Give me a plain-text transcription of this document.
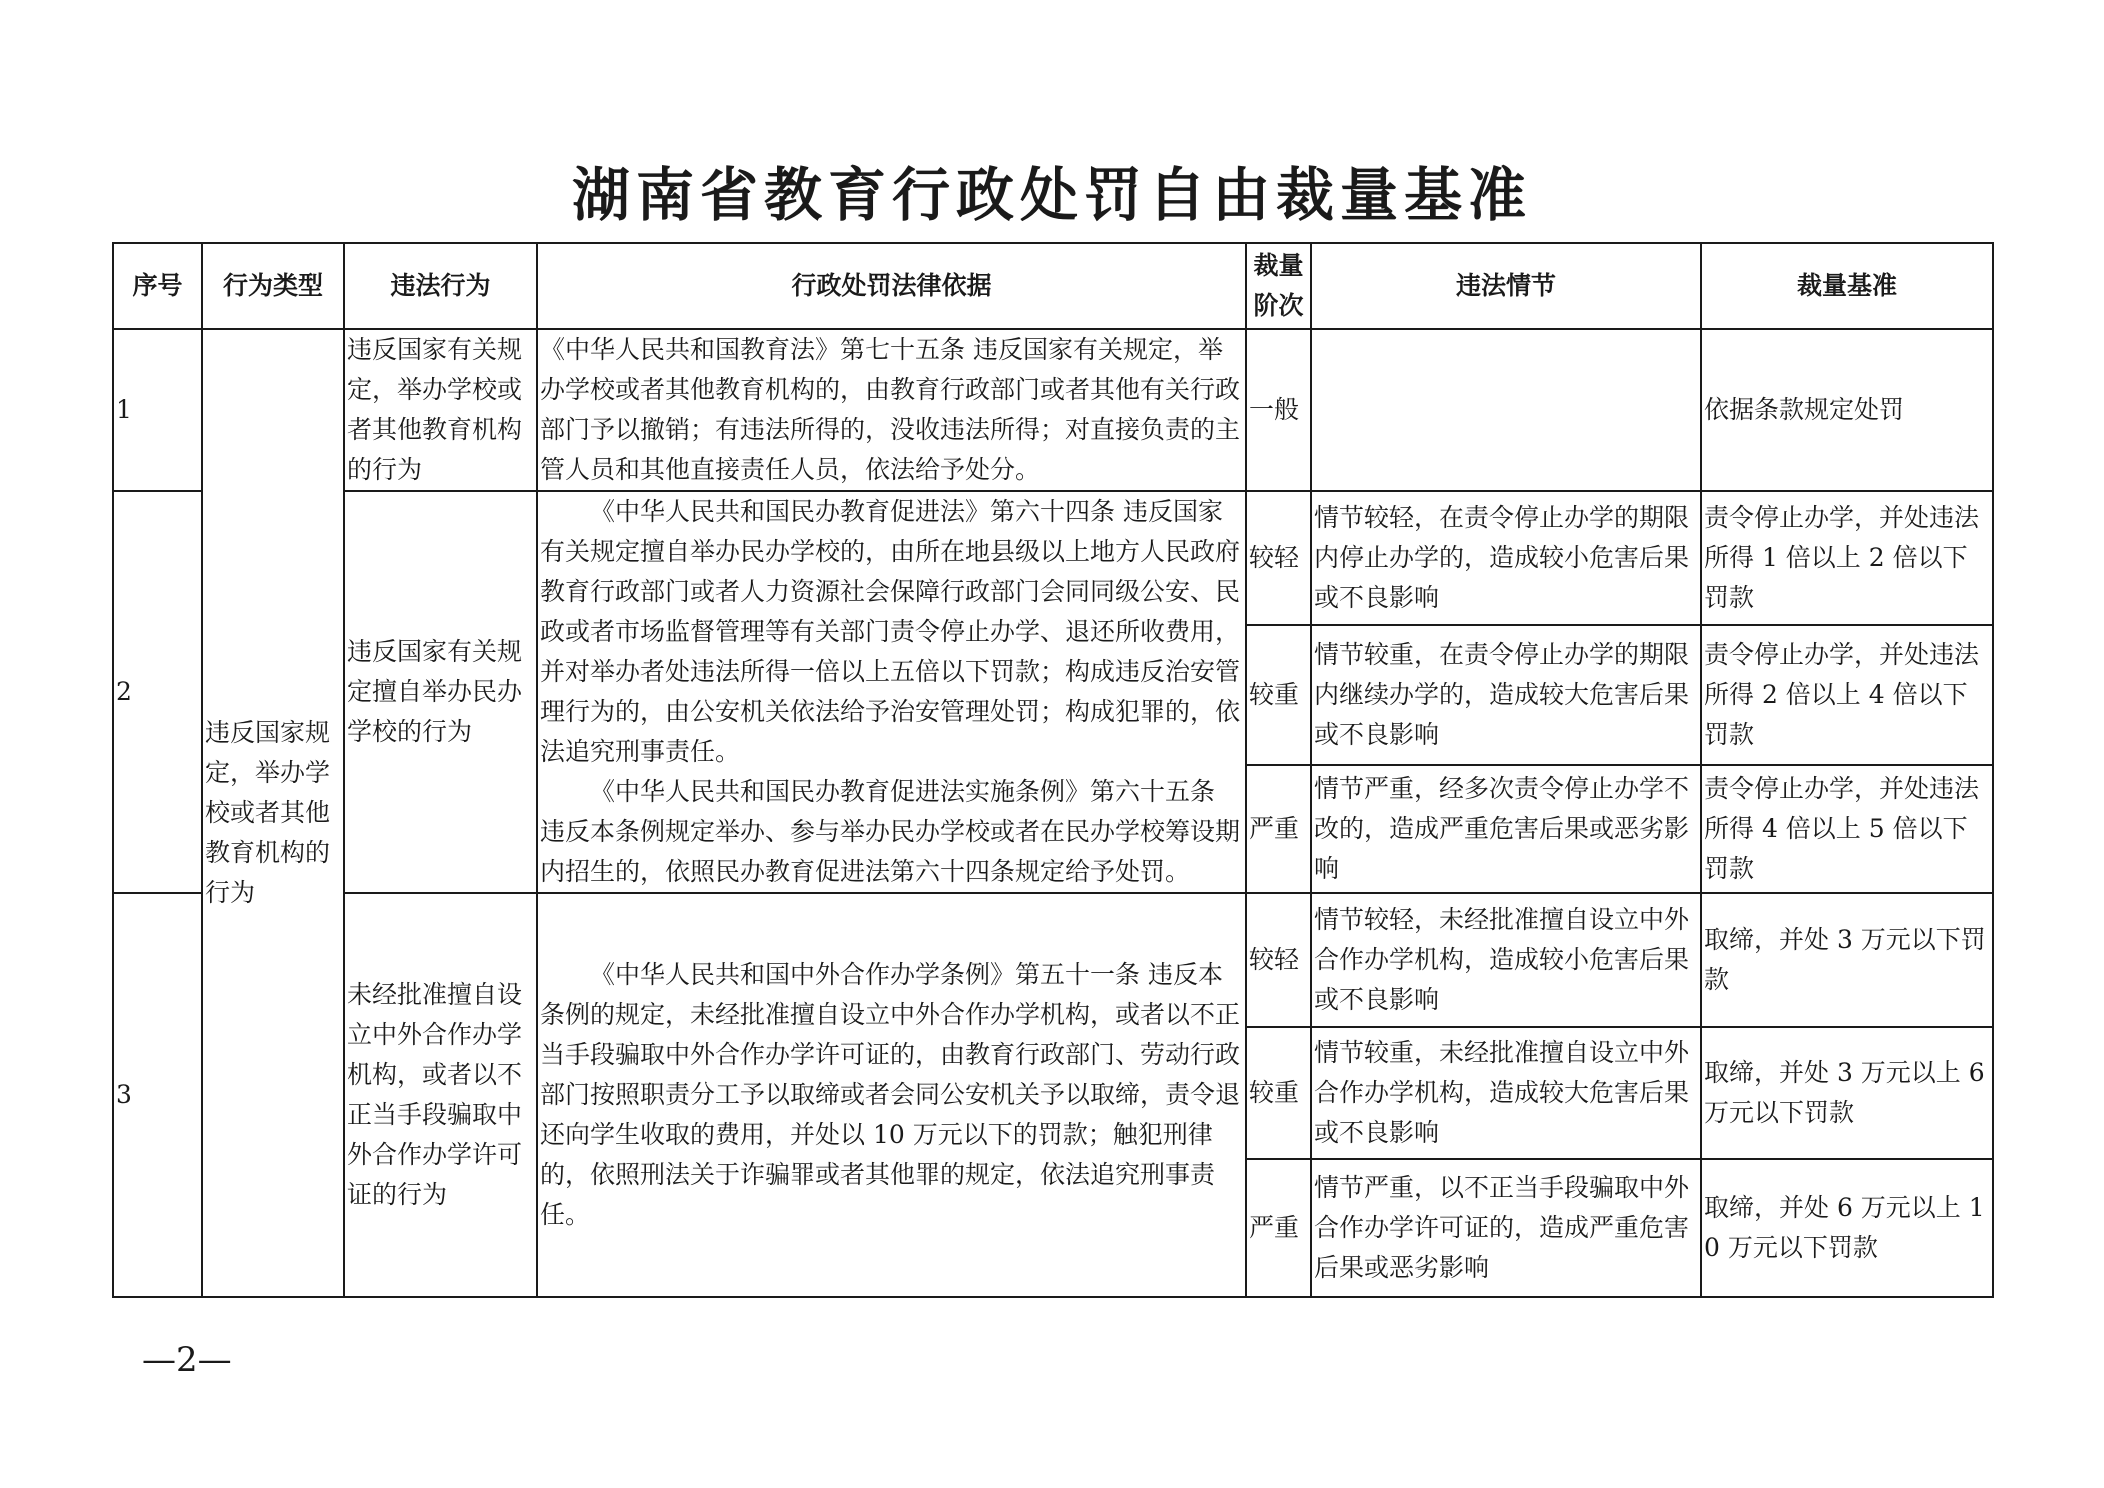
湖南省教育行政处罚自由裁量基准
序号	行为类型	违法行为	行政处罚法律依据	裁量阶次	违法情节	裁量基准
1	违反国家规定，举办学校或者其他教育机构的行为	违反国家有关规定，举办学校或者其他教育机构的行为	《中华人民共和国教育法》第七十五条 违反国家有关规定，举办学校或者其他教育机构的，由教育行政部门或者其他有关行政部门予以撤销；有违法所得的，没收违法所得；对直接负责的主管人员和其他直接责任人员，依法给予处分。	一般		依据条款规定处罚
2		违反国家有关规定擅自举办民办学校的行为	《中华人民共和国民办教育促进法》第六十四条 违反国家有关规定擅自举办民办学校的，由所在地县级以上地方人民政府教育行政部门或者人力资源社会保障行政部门会同同级公安、民政或者市场监督管理等有关部门责令停止办学、退还所收费用，并对举办者处违法所得一倍以上五倍以下罚款；构成违反治安管理行为的，由公安机关依法给予治安管理处罚；构成犯罪的，依法追究刑事责任。

《中华人民共和国民办教育促进法实施条例》第六十五条 违反本条例规定举办、参与举办民办学校或者在民办学校筹设期内招生的，依照民办教育促进法第六十四条规定给予处罚。	较轻	情节较轻，在责令停止办学的期限内停止办学的，造成较小危害后果或不良影响	责令停止办学，并处违法所得 1 倍以上 2 倍以下罚款
				较重	情节较重，在责令停止办学的期限内继续办学的，造成较大危害后果或不良影响	责令停止办学，并处违法所得 2 倍以上 4 倍以下罚款
				严重	情节严重，经多次责令停止办学不改的，造成严重危害后果或恶劣影响	责令停止办学，并处违法所得 4 倍以上 5 倍以下罚款
3		未经批准擅自设立中外合作办学机构，或者以不正当手段骗取中外合作办学许可证的行为	《中华人民共和国中外合作办学条例》第五十一条 违反本条例的规定，未经批准擅自设立中外合作办学机构，或者以不正当手段骗取中外合作办学许可证的，由教育行政部门、劳动行政部门按照职责分工予以取缔或者会同公安机关予以取缔，责令退还向学生收取的费用，并处以 10 万元以下的罚款；触犯刑律的，依照刑法关于诈骗罪或者其他罪的规定，依法追究刑事责任。	较轻	情节较轻，未经批准擅自设立中外合作办学机构，造成较小危害后果或不良影响	取缔，并处 3 万元以下罚款
				较重	情节较重，未经批准擅自设立中外合作办学机构，造成较大危害后果或不良影响	取缔，并处 3 万元以上 6 万元以下罚款
				严重	情节严重，以不正当手段骗取中外合作办学许可证的，造成严重危害后果或恶劣影响	取缔，并处 6 万元以上 10 万元以下罚款
—2—
